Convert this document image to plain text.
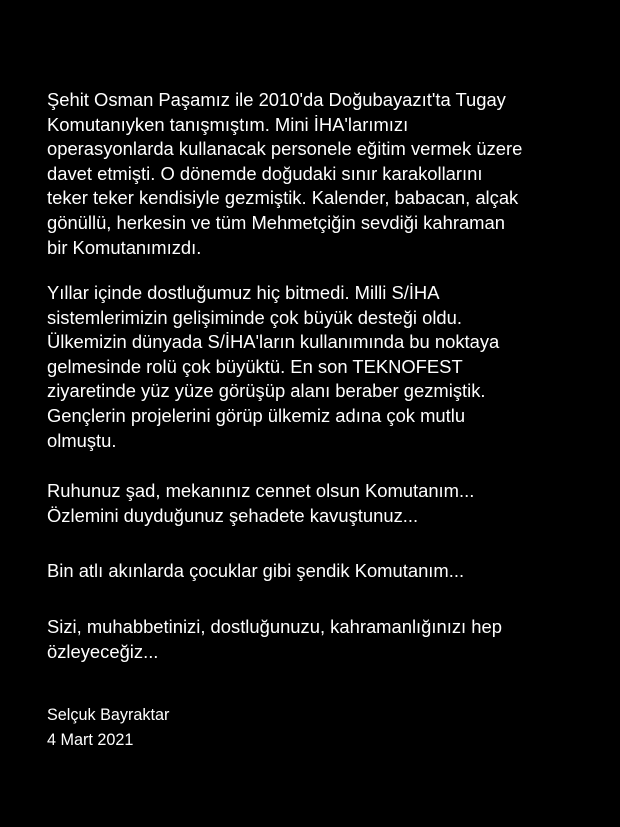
Şehit Osman Paşamız ile 2010'da Doğubayazıt'ta Tugay
Komutanıyken tanışmıştım. Mini İHA'larımızı
operasyonlarda kullanacak personele eğitim vermek üzere
davet etmişti. O dönemde doğudaki sınır karakollarını
teker teker kendisiyle gezmiştik. Kalender, babacan, alçak
gönüllü, herkesin ve tüm Mehmetçiğin sevdiği kahraman
bir Komutanımızdı.
Yıllar içinde dostluğumuz hiç bitmedi. Milli S/İHA
sistemlerimizin gelişiminde çok büyük desteği oldu.
Ülkemizin dünyada S/İHA'ların kullanımında bu noktaya
gelmesinde rolü çok büyüktü. En son TEKNOFEST
ziyaretinde yüz yüze görüşüp alanı beraber gezmiştik.
Gençlerin projelerini görüp ülkemiz adına çok mutlu
olmuştu.
Ruhunuz şad, mekanınız cennet olsun Komutanım...
Özlemini duyduğunuz şehadete kavuştunuz...
Bin atlı akınlarda çocuklar gibi şendik Komutanım...
Sizi, muhabbetinizi, dostluğunuzu, kahramanlığınızı hep
özleyeceğiz...
Selçuk Bayraktar
4 Mart 2021
